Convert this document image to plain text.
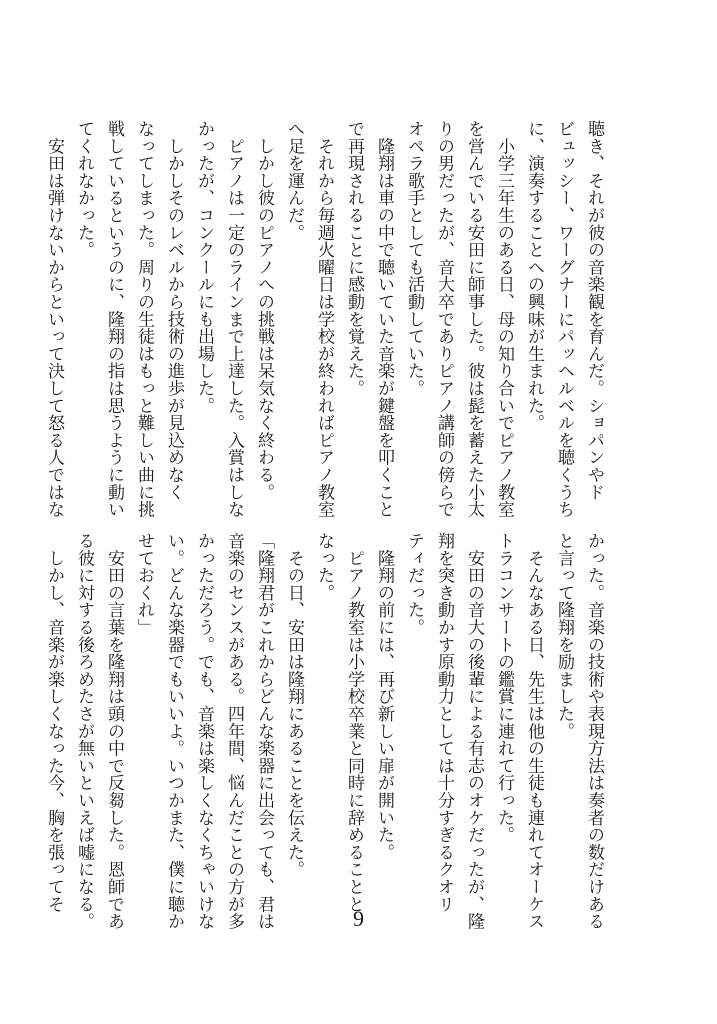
聴き、それが彼の音楽観を育んだ。ショパンやド
ビュッシー、ワーグナーにパッヘルベルを聴くうち
に、演奏することへの興味が生まれた。
　小学三年生のある日、母の知り合いでピアノ教室
を営んでいる安田に師事した。彼は髭を蓄えた小太
りの男だったが、音大卒でありピアノ講師の傍らで
オペラ歌手としても活動していた。
　隆翔は車の中で聴いていた音楽が鍵盤を叩くこと
で再現されることに感動を覚えた。
　それから毎週火曜日は学校が終わればピアノ教室
へ足を運んだ。
　しかし彼のピアノへの挑戦は呆気なく終わる。
　ピアノは一定のラインまで上達した。入賞はしな
かったが、コンクールにも出場した。
　しかしそのレベルから技術の進歩が見込めなく
なってしまった。周りの生徒はもっと難しい曲に挑
戦しているというのに、隆翔の指は思うように動い
てくれなかった。
　安田は弾けないからといって決して怒る人ではな
かった。音楽の技術や表現方法は奏者の数だけある
と言って隆翔を励ました。
　そんなある日、先生は他の生徒も連れてオーケス
トラコンサートの鑑賞に連れて行った。
　安田の音大の後輩による有志のオケだったが、隆
翔を突き動かす原動力としては十分すぎるクオリ
ティだった。
　隆翔の前には、再び新しい扉が開いた。
　ピアノ教室は小学校卒業と同時に辞めることと
なった。
　その日、安田は隆翔にあることを伝えた。
「隆翔君がこれからどんな楽器に出会っても、君は
音楽のセンスがある。四年間、悩んだことの方が多
かっただろう。でも、音楽は楽しくなくちゃいけな
い。どんな楽器でもいいよ。いつかまた、僕に聴か
せておくれ」
　安田の言葉を隆翔は頭の中で反芻した。恩師であ
る彼に対する後ろめたさが無いといえば嘘になる。
　しかし、音楽が楽しくなった今、胸を張ってそ
9
